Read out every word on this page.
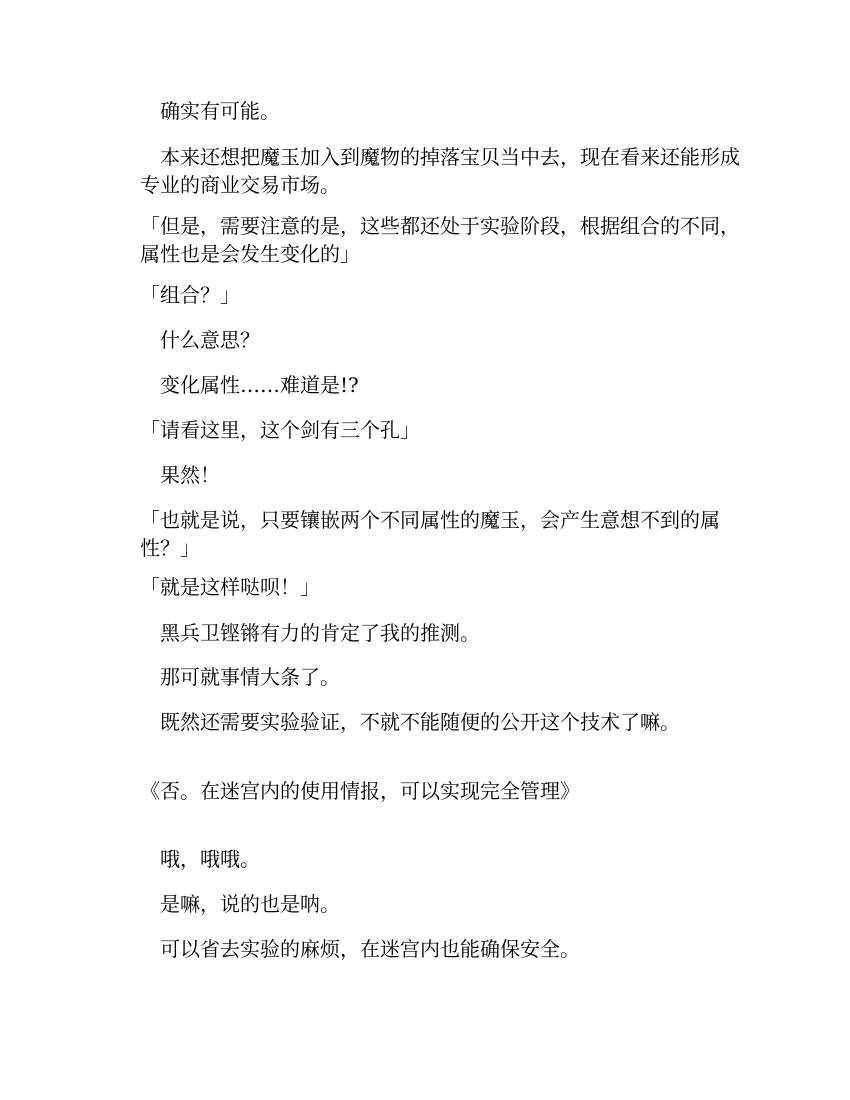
　确实有可能。

　本来还想把魔玉加入到魔物的掉落宝贝当中去，现在看来还能形成专业的商业交易市场。

「但是，需要注意的是，这些都还处于实验阶段，根据组合的不同，属性也是会发生变化的」

「组合？」

　什么意思？

　变化属性……难道是!?

「请看这里，这个剑有三个孔」

　果然！

「也就是说，只要镶嵌两个不同属性的魔玉，会产生意想不到的属性？」

「就是这样哒呗！」

　黑兵卫铿锵有力的肯定了我的推测。

　那可就事情大条了。

　既然还需要实验验证，不就不能随便的公开这个技术了嘛。

《否。在迷宫内的使用情报，可以实现完全管理》

　哦，哦哦。

　是嘛，说的也是呐。

　可以省去实验的麻烦，在迷宫内也能确保安全。
